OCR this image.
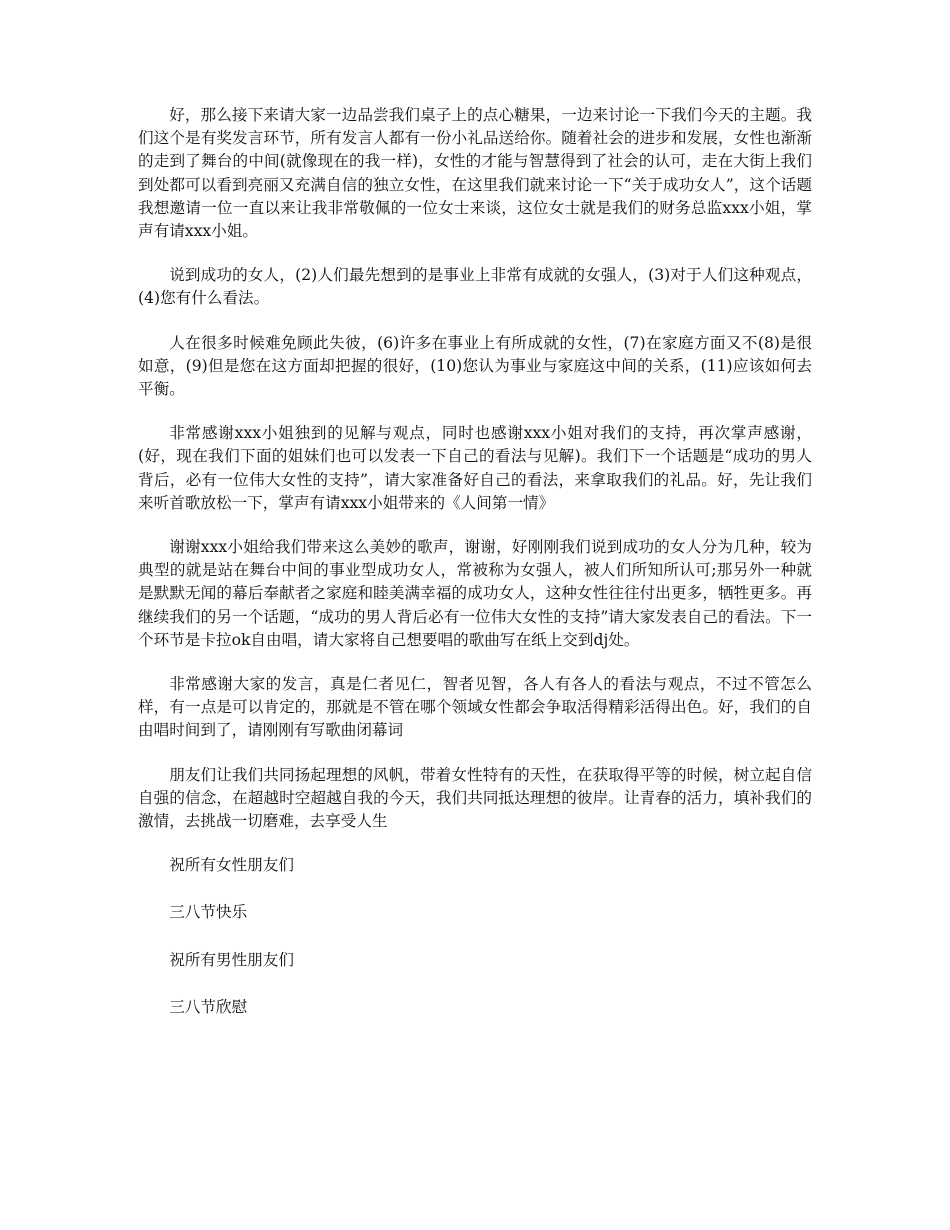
好，那么接下来请大家一边品尝我们桌子上的点心糖果，一边来讨论一下我们今天的主题。我们这个是有奖发言环节，所有发言人都有一份小礼品送给你。随着社会的进步和发展，女性也渐渐的走到了舞台的中间(就像现在的我一样)，女性的才能与智慧得到了社会的认可，走在大街上我们到处都可以看到亮丽又充满自信的独立女性，在这里我们就来讨论一下“关于成功女人”，这个话题我想邀请一位一直以来让我非常敬佩的一位女士来谈，这位女士就是我们的财务总监xxx小姐，掌声有请xxx小姐。

说到成功的女人，(2)人们最先想到的是事业上非常有成就的女强人，(3)对于人们这种观点，(4)您有什么看法。

人在很多时候难免顾此失彼，(6)许多在事业上有所成就的女性，(7)在家庭方面又不(8)是很如意，(9)但是您在这方面却把握的很好，(10)您认为事业与家庭这中间的关系，(11)应该如何去平衡。

非常感谢xxx小姐独到的见解与观点，同时也感谢xxx小姐对我们的支持，再次掌声感谢，(好，现在我们下面的姐妹们也可以发表一下自己的看法与见解)。我们下一个话题是“成功的男人背后，必有一位伟大女性的支持”，请大家准备好自己的看法，来拿取我们的礼品。好，先让我们来听首歌放松一下，掌声有请xxx小姐带来的《人间第一情》

谢谢xxx小姐给我们带来这么美妙的歌声，谢谢，好刚刚我们说到成功的女人分为几种，较为典型的就是站在舞台中间的事业型成功女人，常被称为女强人，被人们所知所认可;那另外一种就是默默无闻的幕后奉献者之家庭和睦美满幸福的成功女人，这种女性往往付出更多，牺牲更多。再继续我们的另一个话题，“成功的男人背后必有一位伟大女性的支持”请大家发表自己的看法。下一个环节是卡拉ok自由唱，请大家将自己想要唱的歌曲写在纸上交到dj处。

非常感谢大家的发言，真是仁者见仁，智者见智，各人有各人的看法与观点，不过不管怎么样，有一点是可以肯定的，那就是不管在哪个领域女性都会争取活得精彩活得出色。好，我们的自由唱时间到了，请刚刚有写歌曲闭幕词

朋友们让我们共同扬起理想的风帆，带着女性特有的天性，在获取得平等的时候，树立起自信自强的信念，在超越时空超越自我的今天，我们共同抵达理想的彼岸。让青春的活力，填补我们的激情，去挑战一切磨难，去享受人生

祝所有女性朋友们

三八节快乐

祝所有男性朋友们

三八节欣慰
